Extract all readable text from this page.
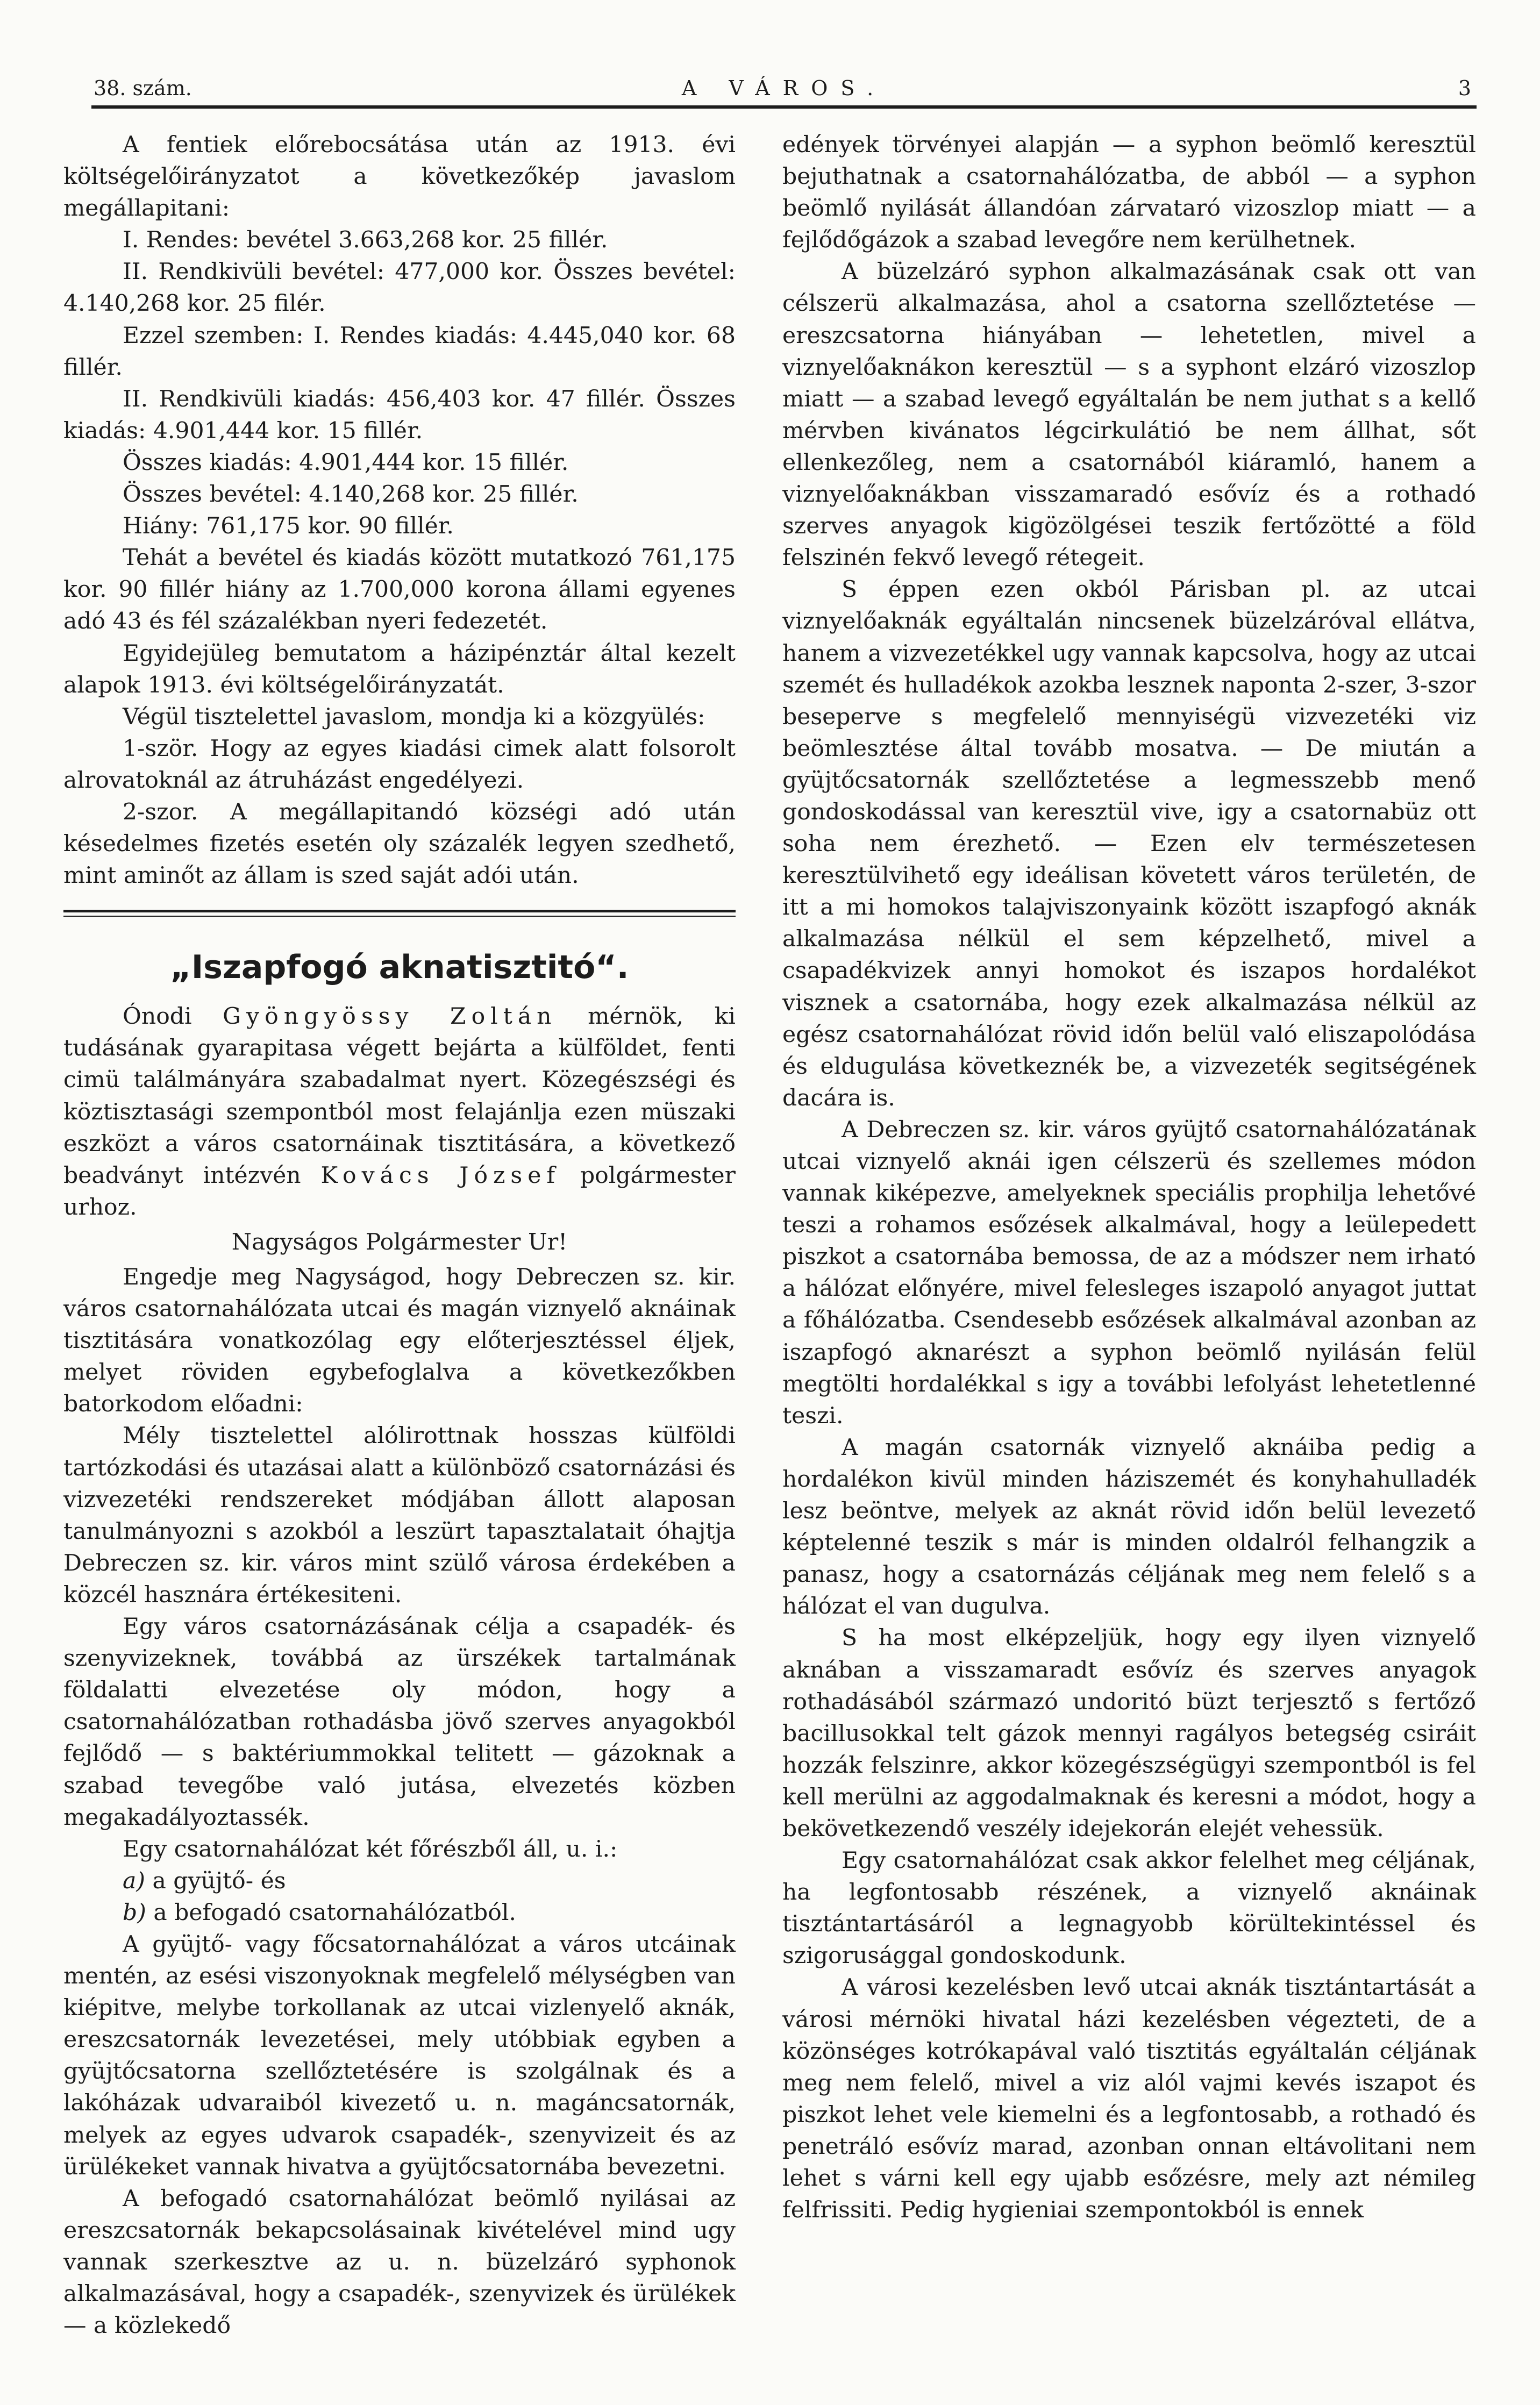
38. szám.	A VÁROS.	3

A fentiek előrebocsátása után az 1913. évi költségelőirányzatot a következőkép javaslom megállapitani:

I. Rendes: bevétel 3.663,268 kor. 25 fillér.

II. Rendkivüli bevétel: 477,000 kor. Összes bevétel: 4.140,268 kor. 25 filér.

Ezzel szemben: I. Rendes kiadás: 4.445,040 kor. 68 fillér.

II. Rendkivüli kiadás: 456,403 kor. 47 fillér. Összes kiadás: 4.901,444 kor. 15 fillér.

Összes kiadás: 4.901,444 kor. 15 fillér.

Összes bevétel: 4.140,268 kor. 25 fillér.

Hiány: 761,175 kor. 90 fillér.

Tehát a bevétel és kiadás között mutatkozó 761,175 kor. 90 fillér hiány az 1.700,000 korona állami egyenes adó 43 és fél százalékban nyeri fedezetét.

Egyidejüleg bemutatom a házipénztár által kezelt alapok 1913. évi költségelőirányzatát.

Végül tisztelettel javaslom, mondja ki a közgyülés:

1-ször. Hogy az egyes kiadási cimek alatt folsorolt alrovatoknál az átruházást engedélyezi.

2-szor. A megállapitandó községi adó után késedelmes fizetés esetén oly százalék legyen szedhető, mint aminőt az állam is szed saját adói után.

„Iszapfogó aknatisztitó“.

Ónodi Gyöngyössy Zoltán mérnök, ki tudásának gyarapitasa végett bejárta a külföldet, fenti cimü találmányára szabadalmat nyert. Közegészségi és köztisztasági szempontból most felajánlja ezen müszaki eszközt a város csatornáinak tisztitására, a következő beadványt intézvén Kovács József polgármester urhoz.

Nagyságos Polgármester Ur!

Engedje meg Nagyságod, hogy Debreczen sz. kir. város csatornahálózata utcai és magán viznyelő aknáinak tisztitására vonatkozólag egy előterjesztéssel éljek, melyet röviden egybefoglalva a következőkben batorkodom előadni:

Mély tisztelettel alólirottnak hosszas külföldi tartózkodási és utazásai alatt a különböző csatornázási és vizvezetéki rendszereket módjában állott alaposan tanulmányozni s azokból a leszürt tapasztalatait óhajtja Debreczen sz. kir. város mint szülő városa érdekében a közcél hasznára értékesiteni.

Egy város csatornázásának célja a csapadék- és szenyvizeknek, továbbá az ürszékek tartalmának földalatti elvezetése oly módon, hogy a csatornahálózatban rothadásba jövő szerves anyagokból fejlődő — s baktériummokkal telitett — gázoknak a szabad tevegőbe való jutása, elvezetés közben megakadályoztassék.

Egy csatornahálózat két főrészből áll, u. i.:

a) a gyüjtő- és

b) a befogadó csatornahálózatból.

A gyüjtő- vagy főcsatornahálózat a város utcáinak mentén, az esési viszonyoknak megfelelő mélységben van kiépitve, melybe torkollanak az utcai vizlenyelő aknák, ereszcsatornák levezetései, mely utóbbiak egyben a gyüjtőcsatorna szellőztetésére is szolgálnak és a lakóházak udvaraiból kivezető u. n. magáncsatornák, melyek az egyes udvarok csapadék-, szenyvizeit és az ürülékeket vannak hivatva a gyüjtőcsatornába bevezetni.

A befogadó csatornahálózat beömlő nyilásai az ereszcsatornák bekapcsolásainak kivételével mind ugy vannak szerkesztve az u. n. büzelzáró syphonok alkalmazásával, hogy a csapadék-, szenyvizek és ürülékek — a közlekedő

edények törvényei alapján — a syphon beömlő keresztül bejuthatnak a csatornahálózatba, de abból — a syphon beömlő nyilását állandóan zárvataró vizoszlop miatt — a fejlődőgázok a szabad levegőre nem kerülhetnek.

A büzelzáró syphon alkalmazásának csak ott van célszerü alkalmazása, ahol a csatorna szellőztetése — ereszcsatorna hiányában — lehetetlen, mivel a viznyelőaknákon keresztül — s a syphont elzáró vizoszlop miatt — a szabad levegő egyáltalán be nem juthat s a kellő mérvben kivánatos légcirkulátió be nem állhat, sőt ellenkezőleg, nem a csatornából kiáramló, hanem a viznyelőaknákban visszamaradó esővíz és a rothadó szerves anyagok kigözölgései teszik fertőzötté a föld felszinén fekvő levegő rétegeit.

S éppen ezen okból Párisban pl. az utcai viznyelőaknák egyáltalán nincsenek büzelzáróval ellátva, hanem a vizvezetékkel ugy vannak kapcsolva, hogy az utcai szemét és hulladékok azokba lesznek naponta 2-szer, 3-szor beseperve s megfelelő mennyiségü vizvezetéki viz beömlesztése által tovább mosatva. — De miután a gyüjtőcsatornák szellőztetése a legmesszebb menő gondoskodással van keresztül vive, igy a csatornabüz ott soha nem érezhető. — Ezen elv természetesen keresztülvihető egy ideálisan követett város területén, de itt a mi homokos talajviszonyaink között iszapfogó aknák alkalmazása nélkül el sem képzelhető, mivel a csapadékvizek annyi homokot és iszapos hordalékot visznek a csatornába, hogy ezek alkalmazása nélkül az egész csatornahálózat rövid időn belül való eliszapolódása és eldugulása következnék be, a vizvezeték segitségének dacára is.

A Debreczen sz. kir. város gyüjtő csatornahálózatának utcai viznyelő aknái igen célszerü és szellemes módon vannak kiképezve, amelyeknek speciális prophilja lehetővé teszi a rohamos esőzések alkalmával, hogy a leülepedett piszkot a csatornába bemossa, de az a módszer nem irható a hálózat előnyére, mivel felesleges iszapoló anyagot juttat a főhálózatba. Csendesebb esőzések alkalmával azonban az iszapfogó aknarészt a syphon beömlő nyilásán felül megtölti hordalékkal s igy a további lefolyást lehetetlenné teszi.

A magán csatornák viznyelő aknáiba pedig a hordalékon kivül minden háziszemét és konyhahulladék lesz beöntve, melyek az aknát rövid időn belül levezető képtelenné teszik s már is minden oldalról felhangzik a panasz, hogy a csatornázás céljának meg nem felelő s a hálózat el van dugulva.

S ha most elképzeljük, hogy egy ilyen viznyelő aknában a visszamaradt esővíz és szerves anyagok rothadásából származó undoritó büzt terjesztő s fertőző bacillusokkal telt gázok mennyi ragályos betegség csiráit hozzák felszinre, akkor közegészségügyi szempontból is fel kell merülni az aggodalmaknak és keresni a módot, hogy a bekövetkezendő veszély idejekorán elejét vehessük.

Egy csatornahálózat csak akkor felelhet meg céljának, ha legfontosabb részének, a viznyelő aknáinak tisztántartásáról a legnagyobb körültekintéssel és szigorusággal gondoskodunk.

A városi kezelésben levő utcai aknák tisztántartását a városi mérnöki hivatal házi kezelésben végezteti, de a közönséges kotrókapával való tisztitás egyáltalán céljának meg nem felelő, mivel a viz alól vajmi kevés iszapot és piszkot lehet vele kiemelni és a legfontosabb, a rothadó és penetráló esővíz marad, azonban onnan eltávolitani nem lehet s várni kell egy ujabb esőzésre, mely azt némileg felfrissiti. Pedig hygieniai szempontokból is ennek
